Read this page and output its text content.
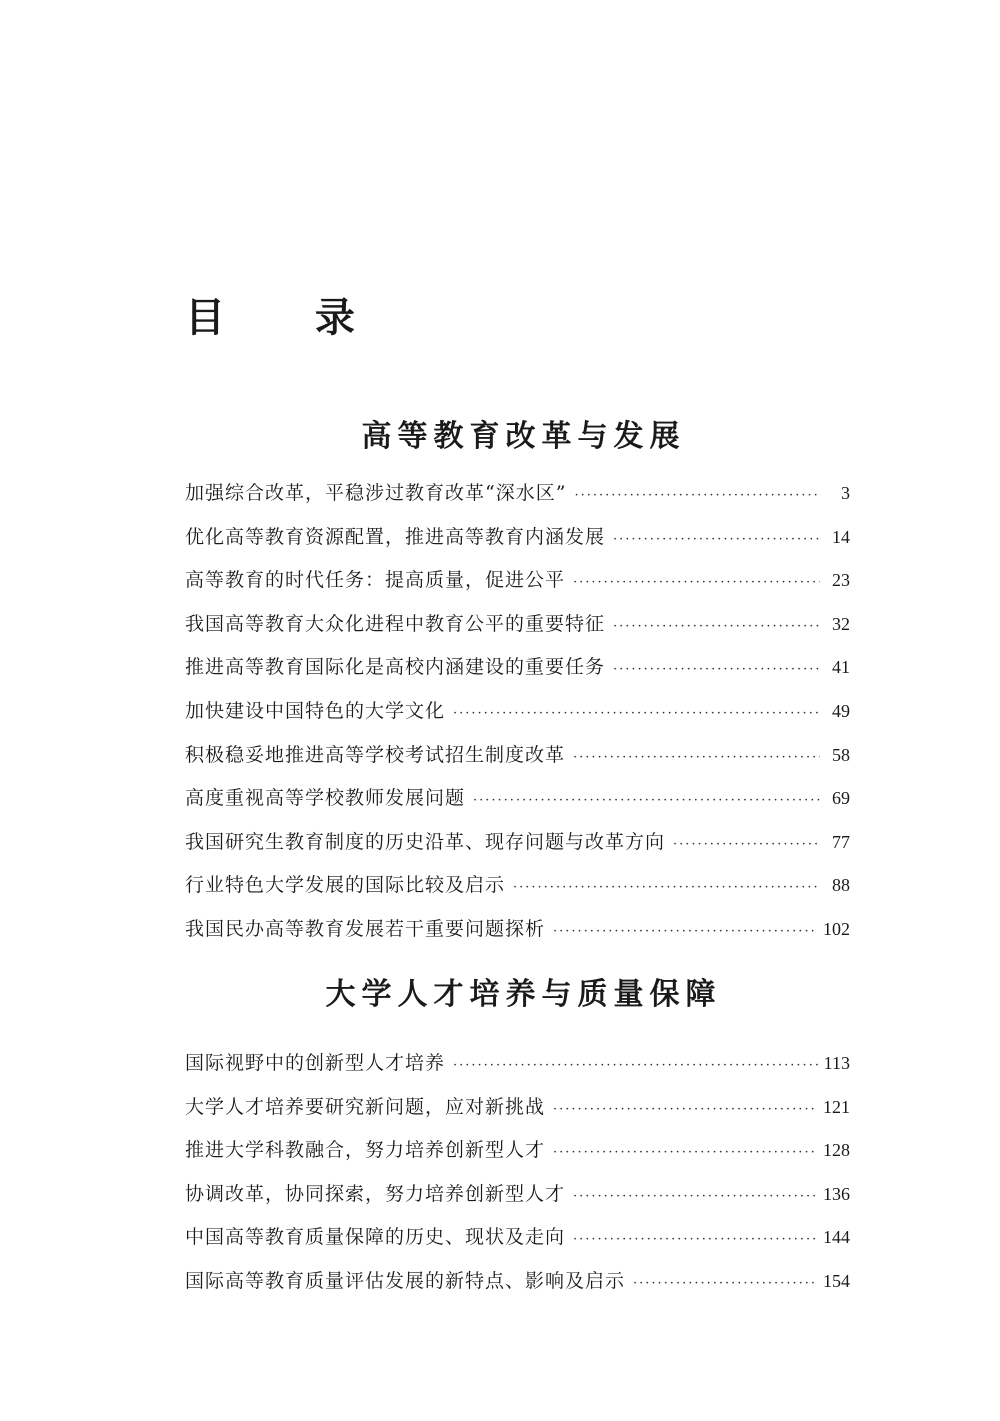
目 录
高等教育改革与发展
加强综合改革，平稳涉过教育改革“深水区” ·····	3
优化高等教育资源配置，推进高等教育内涵发展 ·····	14
高等教育的时代任务：提高质量，促进公平 ·····	23
我国高等教育大众化进程中教育公平的重要特征 ·····	32
推进高等教育国际化是高校内涵建设的重要任务 ·····	41
加快建设中国特色的大学文化 ·····	49
积极稳妥地推进高等学校考试招生制度改革 ·····	58
高度重视高等学校教师发展问题 ·····	69
我国研究生教育制度的历史沿革、现存问题与改革方向 ·····	77
行业特色大学发展的国际比较及启示 ·····	88
我国民办高等教育发展若干重要问题探析 ·····	102
大学人才培养与质量保障
国际视野中的创新型人才培养 ·····	113
大学人才培养要研究新问题，应对新挑战 ·····	121
推进大学科教融合，努力培养创新型人才 ·····	128
协调改革，协同探索，努力培养创新型人才 ·····	136
中国高等教育质量保障的历史、现状及走向 ·····	144
国际高等教育质量评估发展的新特点、影响及启示 ·····	154
